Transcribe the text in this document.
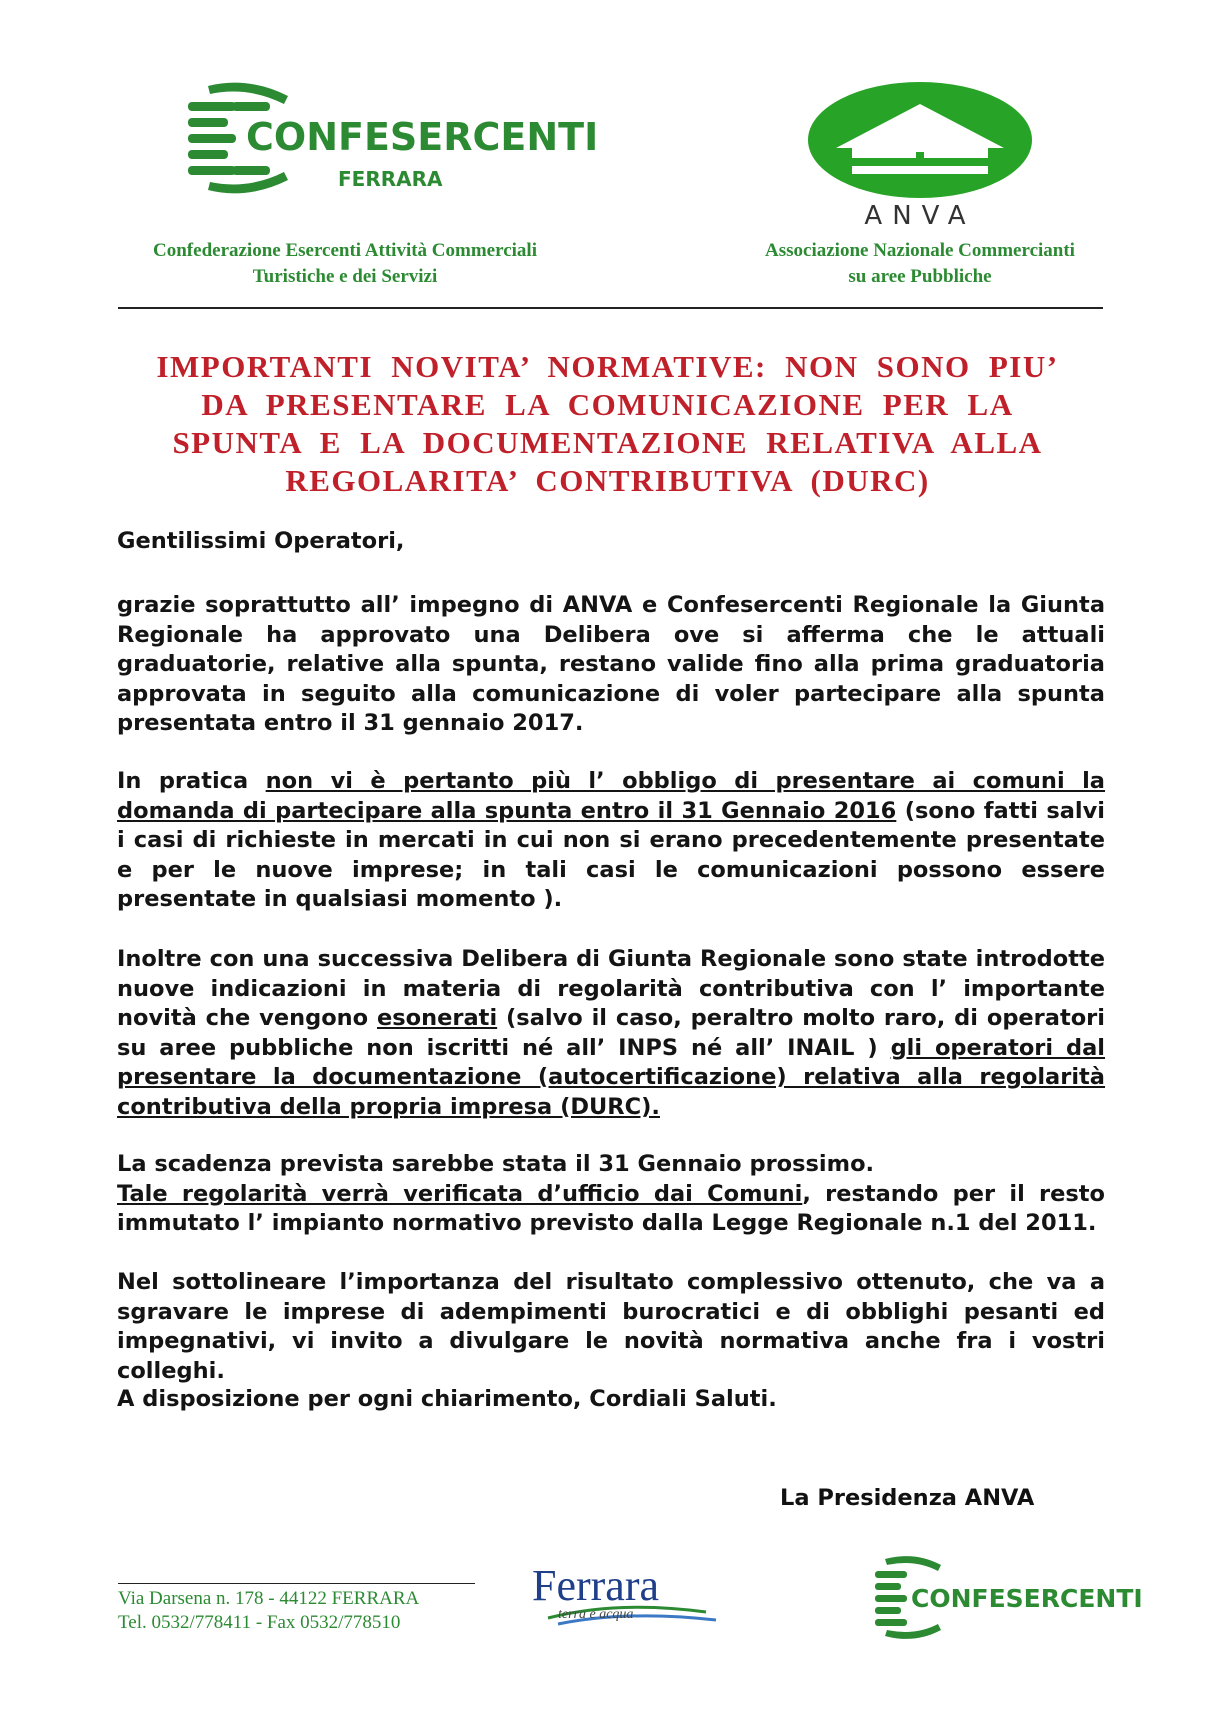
CONFESERCENTI
FERRARA
ANVA
Confederazione Esercenti Attività Commerciali
Turistiche e dei Servizi
Associazione Nazionale Commercianti
su aree Pubbliche
IMPORTANTI NOVITA’ NORMATIVE: NON SONO PIU’ DA PRESENTARE LA COMUNICAZIONE PER LA SPUNTA E LA DOCUMENTAZIONE RELATIVA ALLA REGOLARITA’ CONTRIBUTIVA (DURC)
Gentilissimi Operatori,
grazie soprattutto all’ impegno di ANVA e Confesercenti Regionale la Giunta Regionale ha approvato una Delibera ove si afferma che le attuali graduatorie, relative alla spunta, restano valide fino alla prima graduatoria approvata in seguito alla comunicazione di voler partecipare alla spunta presentata entro il 31 gennaio 2017.
In pratica non vi è pertanto più l’ obbligo di presentare ai comuni la domanda di partecipare alla spunta entro il 31 Gennaio 2016 (sono fatti salvi i casi di richieste in mercati in cui non si erano precedentemente presentate e per le nuove imprese; in tali casi le comunicazioni possono essere presentate in qualsiasi momento ).
Inoltre con una successiva Delibera di Giunta Regionale sono state introdotte nuove indicazioni in materia di regolarità contributiva con l’ importante novità che vengono esonerati (salvo il caso, peraltro molto raro, di operatori su aree pubbliche non iscritti né all’ INPS né all’ INAIL ) gli operatori dal presentare la documentazione (autocertificazione) relativa alla regolarità contributiva della propria impresa (DURC).
La scadenza prevista sarebbe stata il 31 Gennaio prossimo.
Tale regolarità verrà verificata d’ufficio dai Comuni, restando per il resto immutato l’ impianto normativo previsto dalla Legge Regionale n.1 del 2011.
Nel sottolineare l’importanza del risultato complessivo ottenuto, che va a sgravare le imprese di adempimenti burocratici e di obblighi pesanti ed impegnativi, vi invito a divulgare le novità normativa anche fra i vostri colleghi.
A disposizione per ogni chiarimento, Cordiali Saluti.
La Presidenza ANVA
Via Darsena n. 178 - 44122 FERRARA
Tel. 0532/778411 - Fax 0532/778510
Ferrara
terra e acqua
CONFESERCENTI
